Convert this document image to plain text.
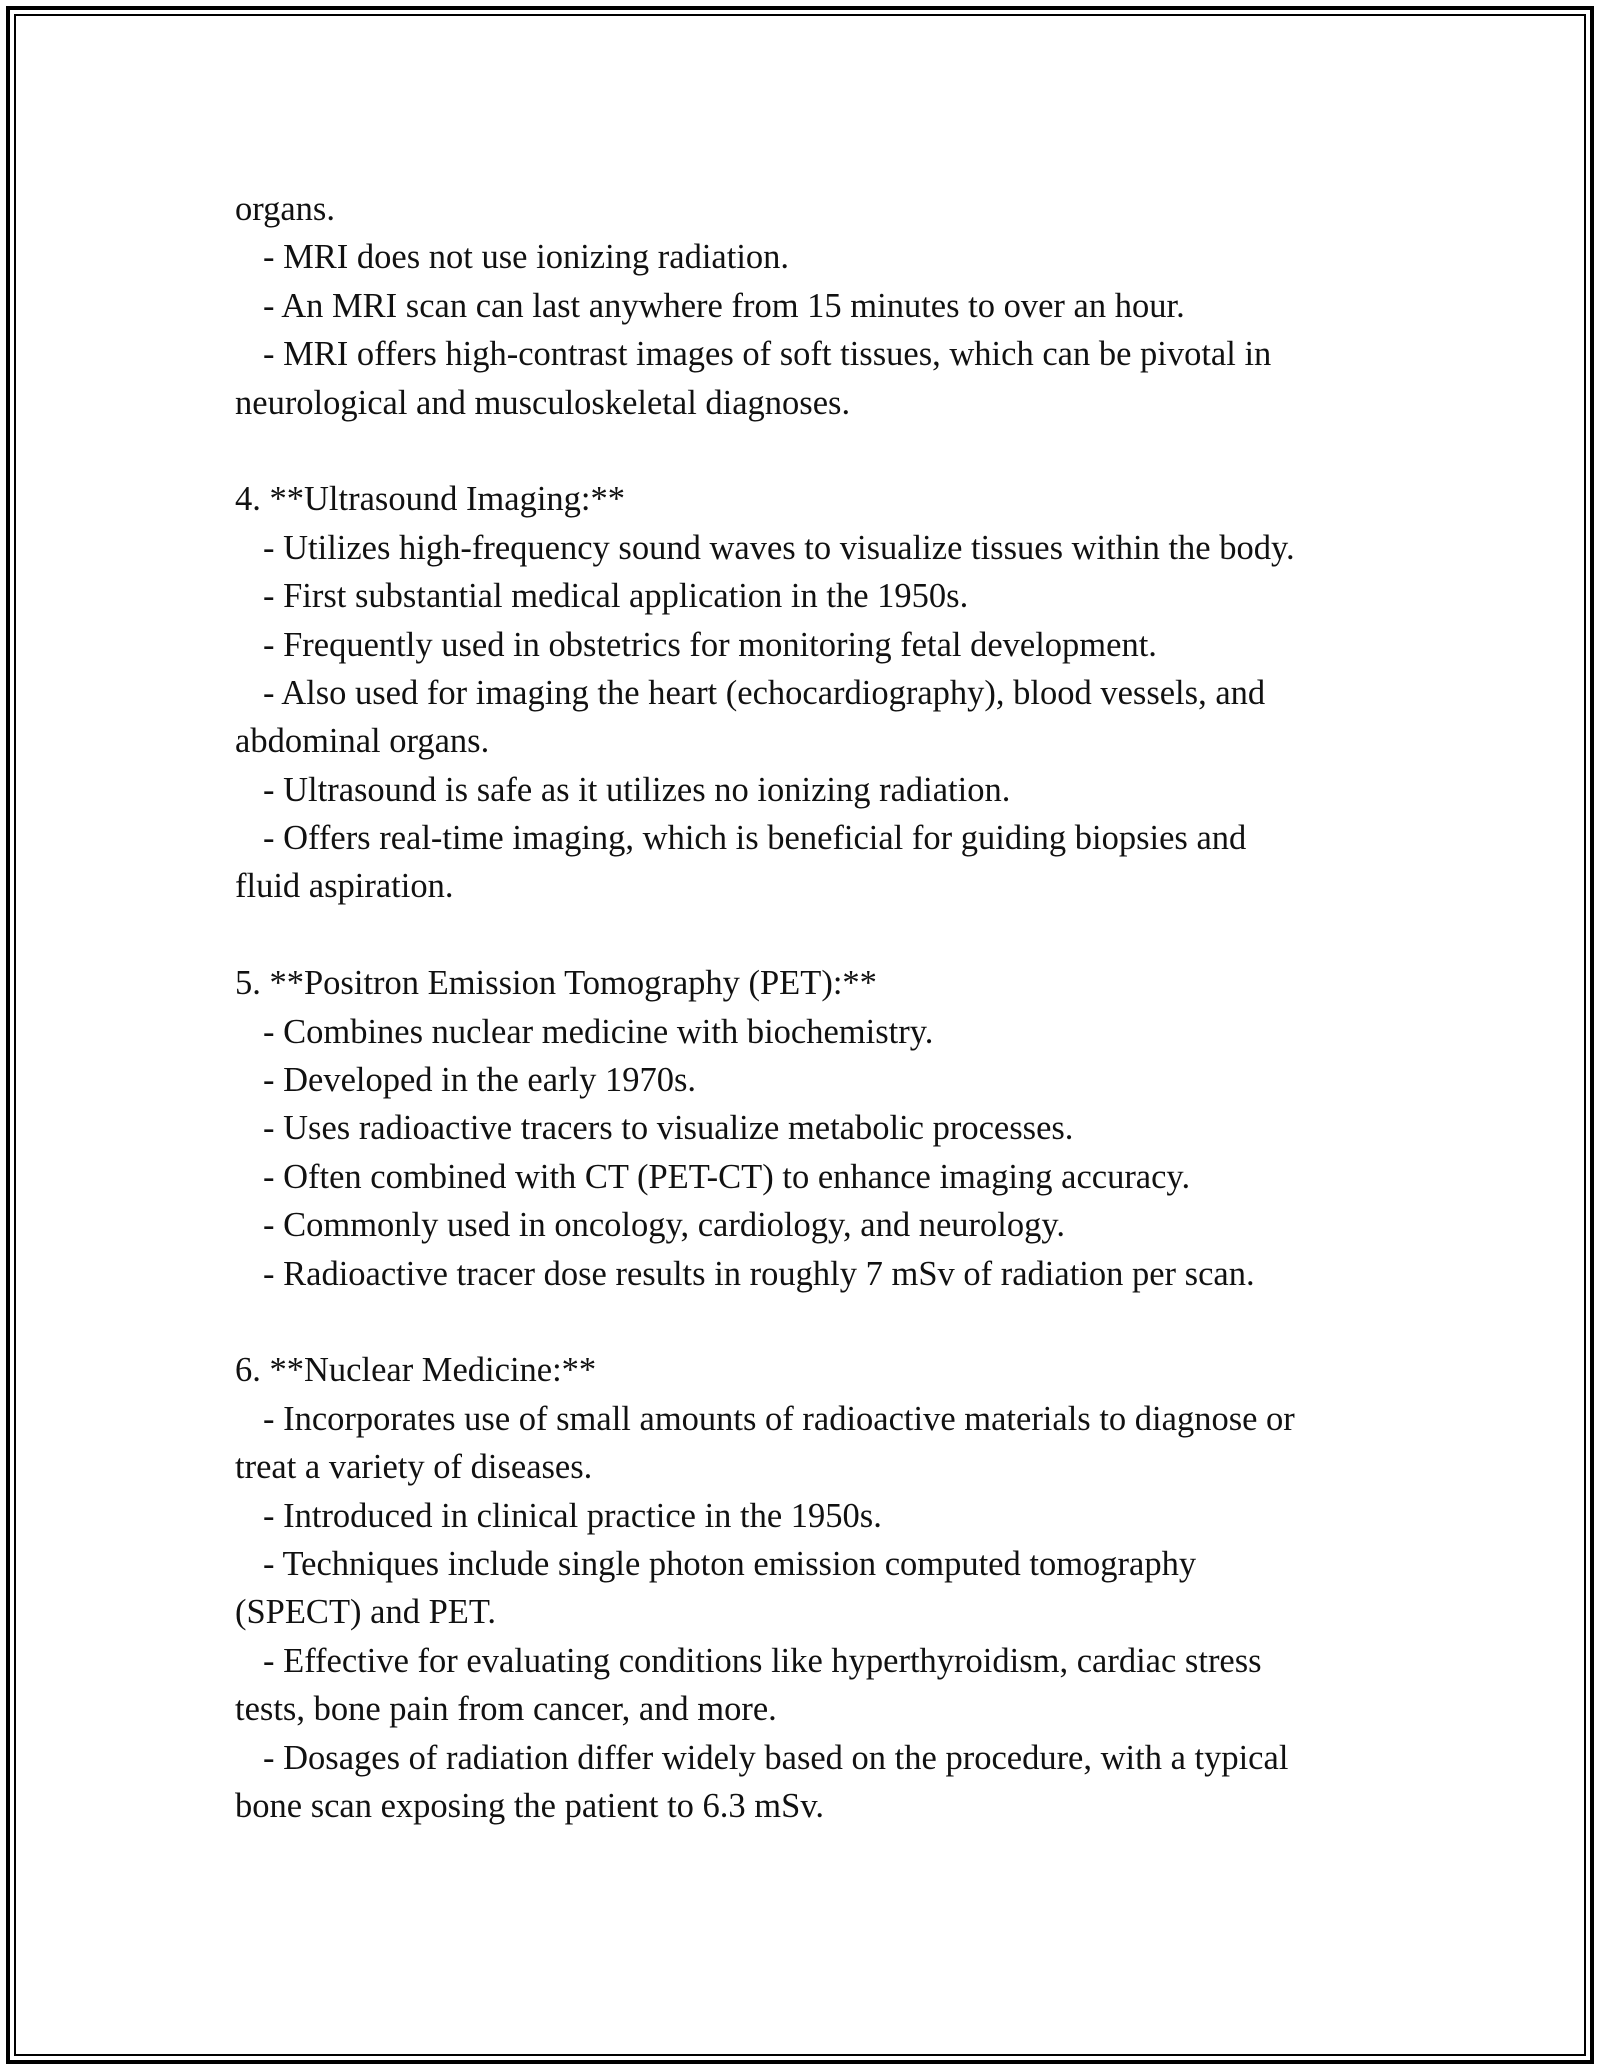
organs.
- MRI does not use ionizing radiation.
- An MRI scan can last anywhere from 15 minutes to over an hour.
- MRI offers high-contrast images of soft tissues, which can be pivotal in
neurological and musculoskeletal diagnoses.
4. **Ultrasound Imaging:**
- Utilizes high-frequency sound waves to visualize tissues within the body.
- First substantial medical application in the 1950s.
- Frequently used in obstetrics for monitoring fetal development.
- Also used for imaging the heart (echocardiography), blood vessels, and
abdominal organs.
- Ultrasound is safe as it utilizes no ionizing radiation.
- Offers real-time imaging, which is beneficial for guiding biopsies and
fluid aspiration.
5. **Positron Emission Tomography (PET):**
- Combines nuclear medicine with biochemistry.
- Developed in the early 1970s.
- Uses radioactive tracers to visualize metabolic processes.
- Often combined with CT (PET-CT) to enhance imaging accuracy.
- Commonly used in oncology, cardiology, and neurology.
- Radioactive tracer dose results in roughly 7 mSv of radiation per scan.
6. **Nuclear Medicine:**
- Incorporates use of small amounts of radioactive materials to diagnose or
treat a variety of diseases.
- Introduced in clinical practice in the 1950s.
- Techniques include single photon emission computed tomography
(SPECT) and PET.
- Effective for evaluating conditions like hyperthyroidism, cardiac stress
tests, bone pain from cancer, and more.
- Dosages of radiation differ widely based on the procedure, with a typical
bone scan exposing the patient to 6.3 mSv.
